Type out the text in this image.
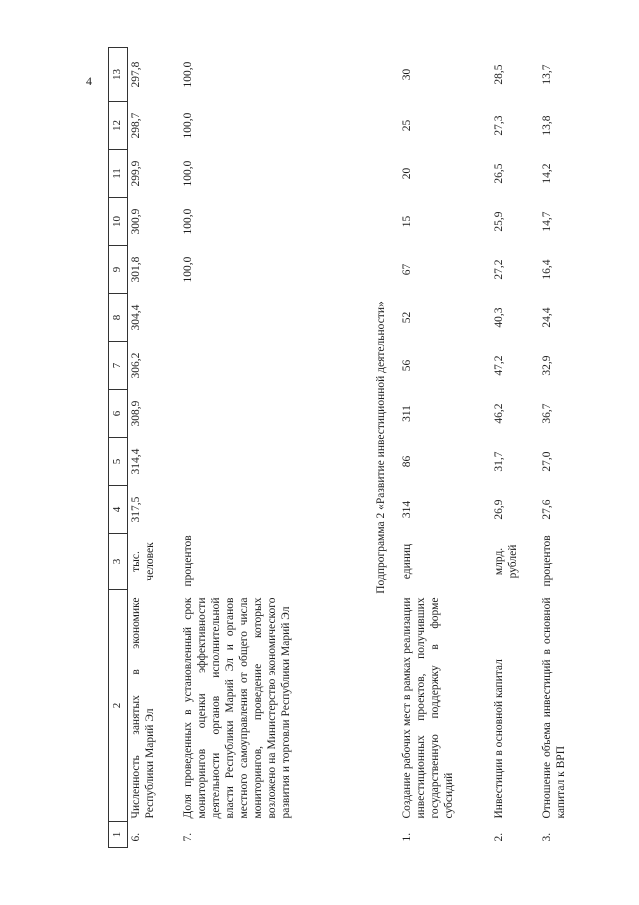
4
1	2	3	4	5	6	7	8	9	10	11	12	13
6.	Численность занятых в экономике Республики Марий Эл	тыс. человек	317,5	314,4	308,9	306,2	304,4	301,8	300,9	299,9	298,7	297,8
7.	Доля проведенных в установленный срок мониторингов оценки эффективности деятельности органов исполнительной власти Республики Марий Эл и органов местного самоуправления от общего числа мониторингов, проведение которых возложено на Министерство экономического развития и торговли Республики Марий Эл	процентов						100,0	100,0	100,0	100,0	100,0
Подпрограмма 2 «Развитие инвестиционной деятельности»												
1.	Создание рабочих мест в рамках реализации инвестиционных проектов, получивших государственную поддержку в форме субсидий	единиц	314	86	311	56	52	67	15	20	25	30
2.	Инвестиции в основной капитал	млрд. рублей	26,9	31,7	46,2	47,2	40,3	27,2	25,9	26,5	27,3	28,5
3.	Отношение объема инвестиций в основной капитал к ВРП	процентов	27,6	27,0	36,7	32,9	24,4	16,4	14,7	14,2	13,8	13,7
